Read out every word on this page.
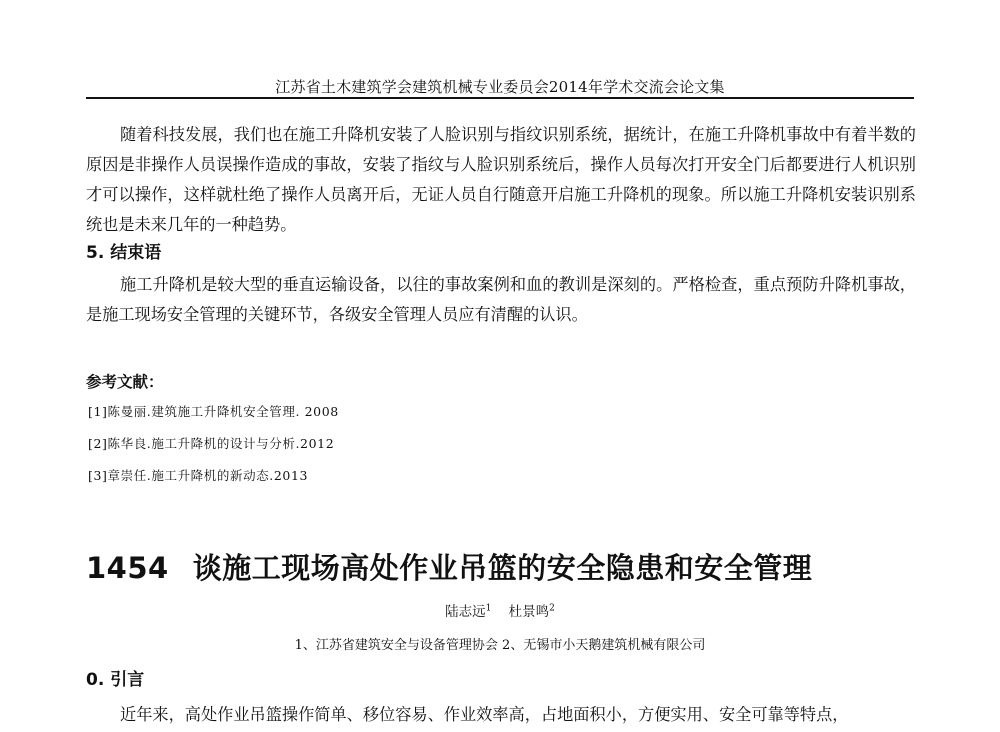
江苏省土木建筑学会建筑机械专业委员会2014年学术交流会论文集

随着科技发展，我们也在施工升降机安装了人脸识别与指纹识别系统，据统计，在施工升降机事故中有着半数的原因是非操作人员误操作造成的事故，安装了指纹与人脸识别系统后，操作人员每次打开安全门后都要进行人机识别才可以操作，这样就杜绝了操作人员离开后，无证人员自行随意开启施工升降机的现象。所以施工升降机安装识别系统也是未来几年的一种趋势。

5. 结束语

施工升降机是较大型的垂直运输设备，以往的事故案例和血的教训是深刻的。严格检查，重点预防升降机事故，是施工现场安全管理的关键环节，各级安全管理人员应有清醒的认识。

参考文献：
[1]陈曼丽.建筑施工升降机安全管理. 2008
[2]陈华良.施工升降机的设计与分析.2012
[3]章崇任.施工升降机的新动态.2013
1454 谈施工现场高处作业吊篮的安全隐患和安全管理
陆志远$^1$ 杜景鸣$^2$
1、江苏省建筑安全与设备管理协会 2、无锡市小天鹅建筑机械有限公司
0. 引言

近年来，高处作业吊篮操作简单、移位容易、作业效率高，占地面积小，方便实用、安全可靠等特点，
